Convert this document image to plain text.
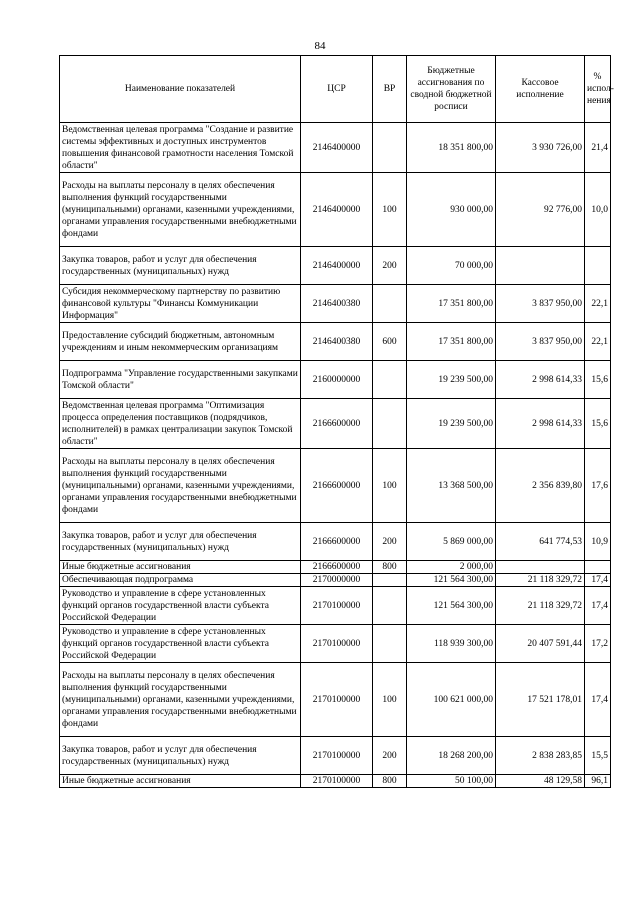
84
Наименование показателей	ЦСР	ВР	Бюджетные ассигнования по сводной бюджетной росписи	Кассовое исполнение	% испол-нения
Ведомственная целевая программа "Создание и развитие системы эффективных и доступных инструментов повышения финансовой грамотности населения Томской области"	2146400000		18 351 800,00	3 930 726,00	21,4
Расходы на выплаты персоналу в целях обеспечения выполнения функций государственными (муниципальными) органами, казенными учреждениями, органами управления государственными внебюджетными фондами	2146400000	100	930 000,00	92 776,00	10,0
Закупка товаров, работ и услуг для обеспечения государственных (муниципальных) нужд	2146400000	200	70 000,00		
Субсидия некоммерческому партнерству по развитию финансовой культуры "Финансы Коммуникации Информация"	2146400380		17 351 800,00	3 837 950,00	22,1
Предоставление субсидий бюджетным, автономным учреждениям и иным некоммерческим организациям	2146400380	600	17 351 800,00	3 837 950,00	22,1
Подпрограмма "Управление государственными закупками Томской области"	2160000000		19 239 500,00	2 998 614,33	15,6
Ведомственная целевая программа "Оптимизация процесса определения поставщиков (подрядчиков, исполнителей) в рамках централизации закупок Томской области"	2166600000		19 239 500,00	2 998 614,33	15,6
Расходы на выплаты персоналу в целях обеспечения выполнения функций государственными (муниципальными) органами, казенными учреждениями, органами управления государственными внебюджетными фондами	2166600000	100	13 368 500,00	2 356 839,80	17,6
Закупка товаров, работ и услуг для обеспечения государственных (муниципальных) нужд	2166600000	200	5 869 000,00	641 774,53	10,9
Иные бюджетные ассигнования	2166600000	800	2 000,00		
Обеспечивающая подпрограмма	2170000000		121 564 300,00	21 118 329,72	17,4
Руководство и управление в сфере установленных функций органов государственной власти субъекта Российской Федерации	2170100000		121 564 300,00	21 118 329,72	17,4
Руководство и управление в сфере установленных функций органов государственной власти субъекта Российской Федерации	2170100000		118 939 300,00	20 407 591,44	17,2
Расходы на выплаты персоналу в целях обеспечения выполнения функций государственными (муниципальными) органами, казенными учреждениями, органами управления государственными внебюджетными фондами	2170100000	100	100 621 000,00	17 521 178,01	17,4
Закупка товаров, работ и услуг для обеспечения государственных (муниципальных) нужд	2170100000	200	18 268 200,00	2 838 283,85	15,5
Иные бюджетные ассигнования	2170100000	800	50 100,00	48 129,58	96,1
